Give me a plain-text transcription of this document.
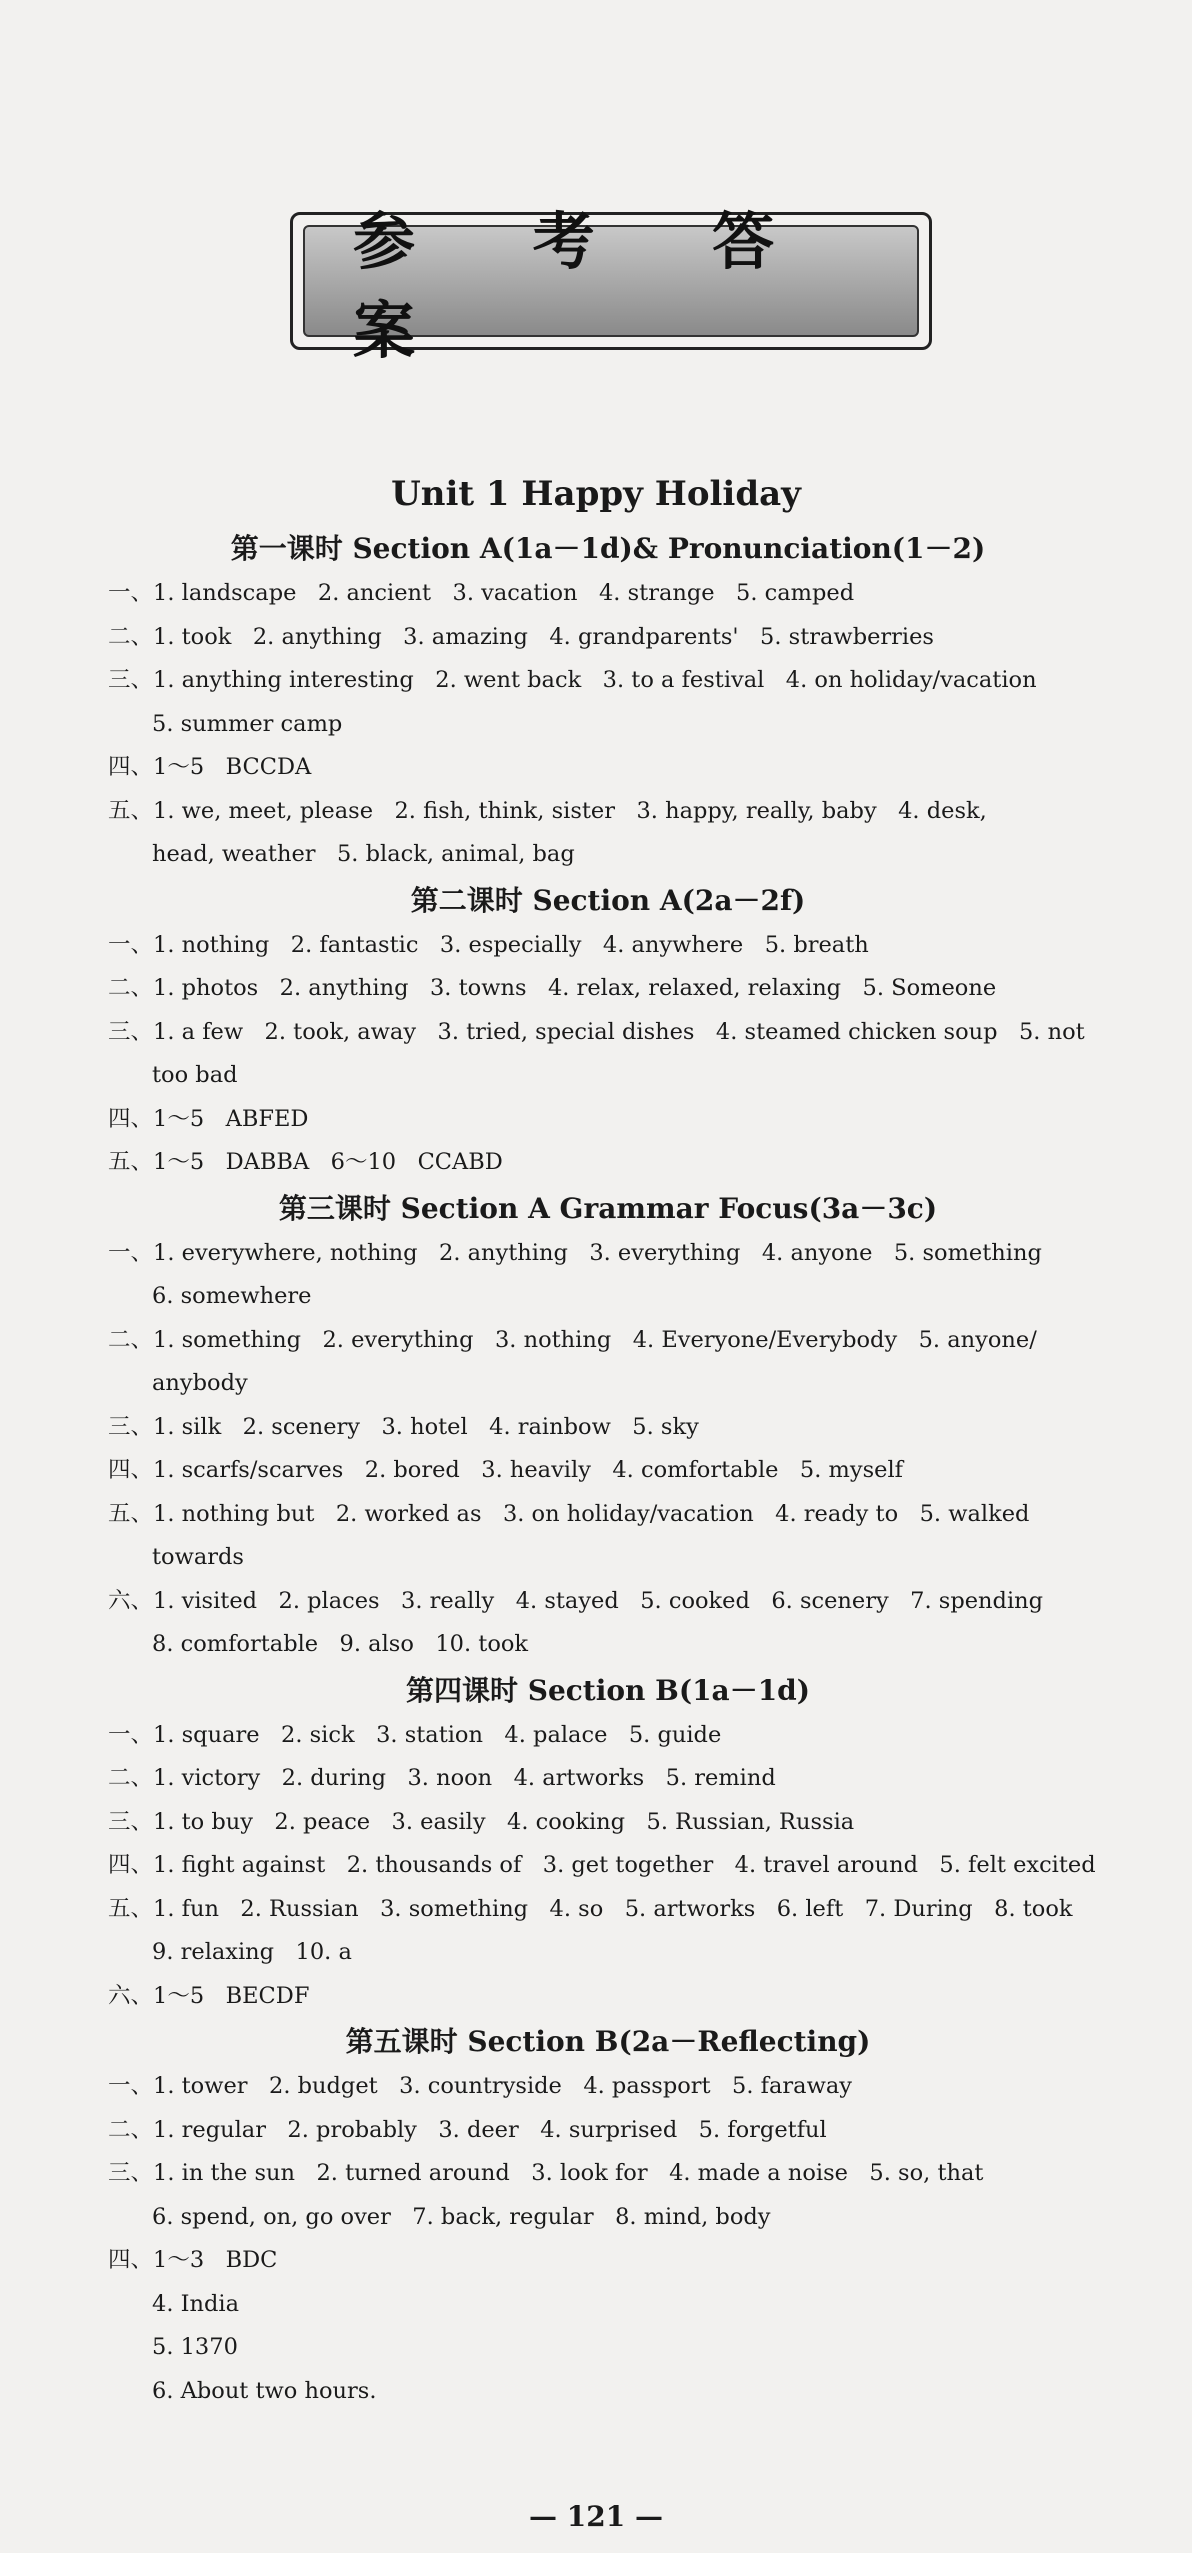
参 考 答 案
Unit 1 Happy Holiday
第一课时 Section A(1a－1d)& Pronunciation(1－2)
一、1. landscape   2. ancient   3. vacation   4. strange   5. camped
二、1. took   2. anything   3. amazing   4. grandparents'   5. strawberries
三、1. anything interesting   2. went back   3. to a festival   4. on holiday/vacation
5. summer camp
四、1～5   BCCDA
五、1. we, meet, please   2. fish, think, sister   3. happy, really, baby   4. desk,
head, weather   5. black, animal, bag
第二课时 Section A(2a－2f)
一、1. nothing   2. fantastic   3. especially   4. anywhere   5. breath
二、1. photos   2. anything   3. towns   4. relax, relaxed, relaxing   5. Someone
三、1. a few   2. took, away   3. tried, special dishes   4. steamed chicken soup   5. not
too bad
四、1～5   ABFED
五、1～5   DABBA   6～10   CCABD
第三课时 Section A Grammar Focus(3a－3c)
一、1. everywhere, nothing   2. anything   3. everything   4. anyone   5. something
6. somewhere
二、1. something   2. everything   3. nothing   4. Everyone/Everybody   5. anyone/
anybody
三、1. silk   2. scenery   3. hotel   4. rainbow   5. sky
四、1. scarfs/scarves   2. bored   3. heavily   4. comfortable   5. myself
五、1. nothing but   2. worked as   3. on holiday/vacation   4. ready to   5. walked
towards
六、1. visited   2. places   3. really   4. stayed   5. cooked   6. scenery   7. spending
8. comfortable   9. also   10. took
第四课时 Section B(1a－1d)
一、1. square   2. sick   3. station   4. palace   5. guide
二、1. victory   2. during   3. noon   4. artworks   5. remind
三、1. to buy   2. peace   3. easily   4. cooking   5. Russian, Russia
四、1. fight against   2. thousands of   3. get together   4. travel around   5. felt excited
五、1. fun   2. Russian   3. something   4. so   5. artworks   6. left   7. During   8. took
9. relaxing   10. a
六、1～5   BECDF
第五课时 Section B(2a－Reflecting)
一、1. tower   2. budget   3. countryside   4. passport   5. faraway
二、1. regular   2. probably   3. deer   4. surprised   5. forgetful
三、1. in the sun   2. turned around   3. look for   4. made a noise   5. so, that
6. spend, on, go over   7. back, regular   8. mind, body
四、1～3   BDC
4. India
5. 1370
6. About two hours.
— 121 —
